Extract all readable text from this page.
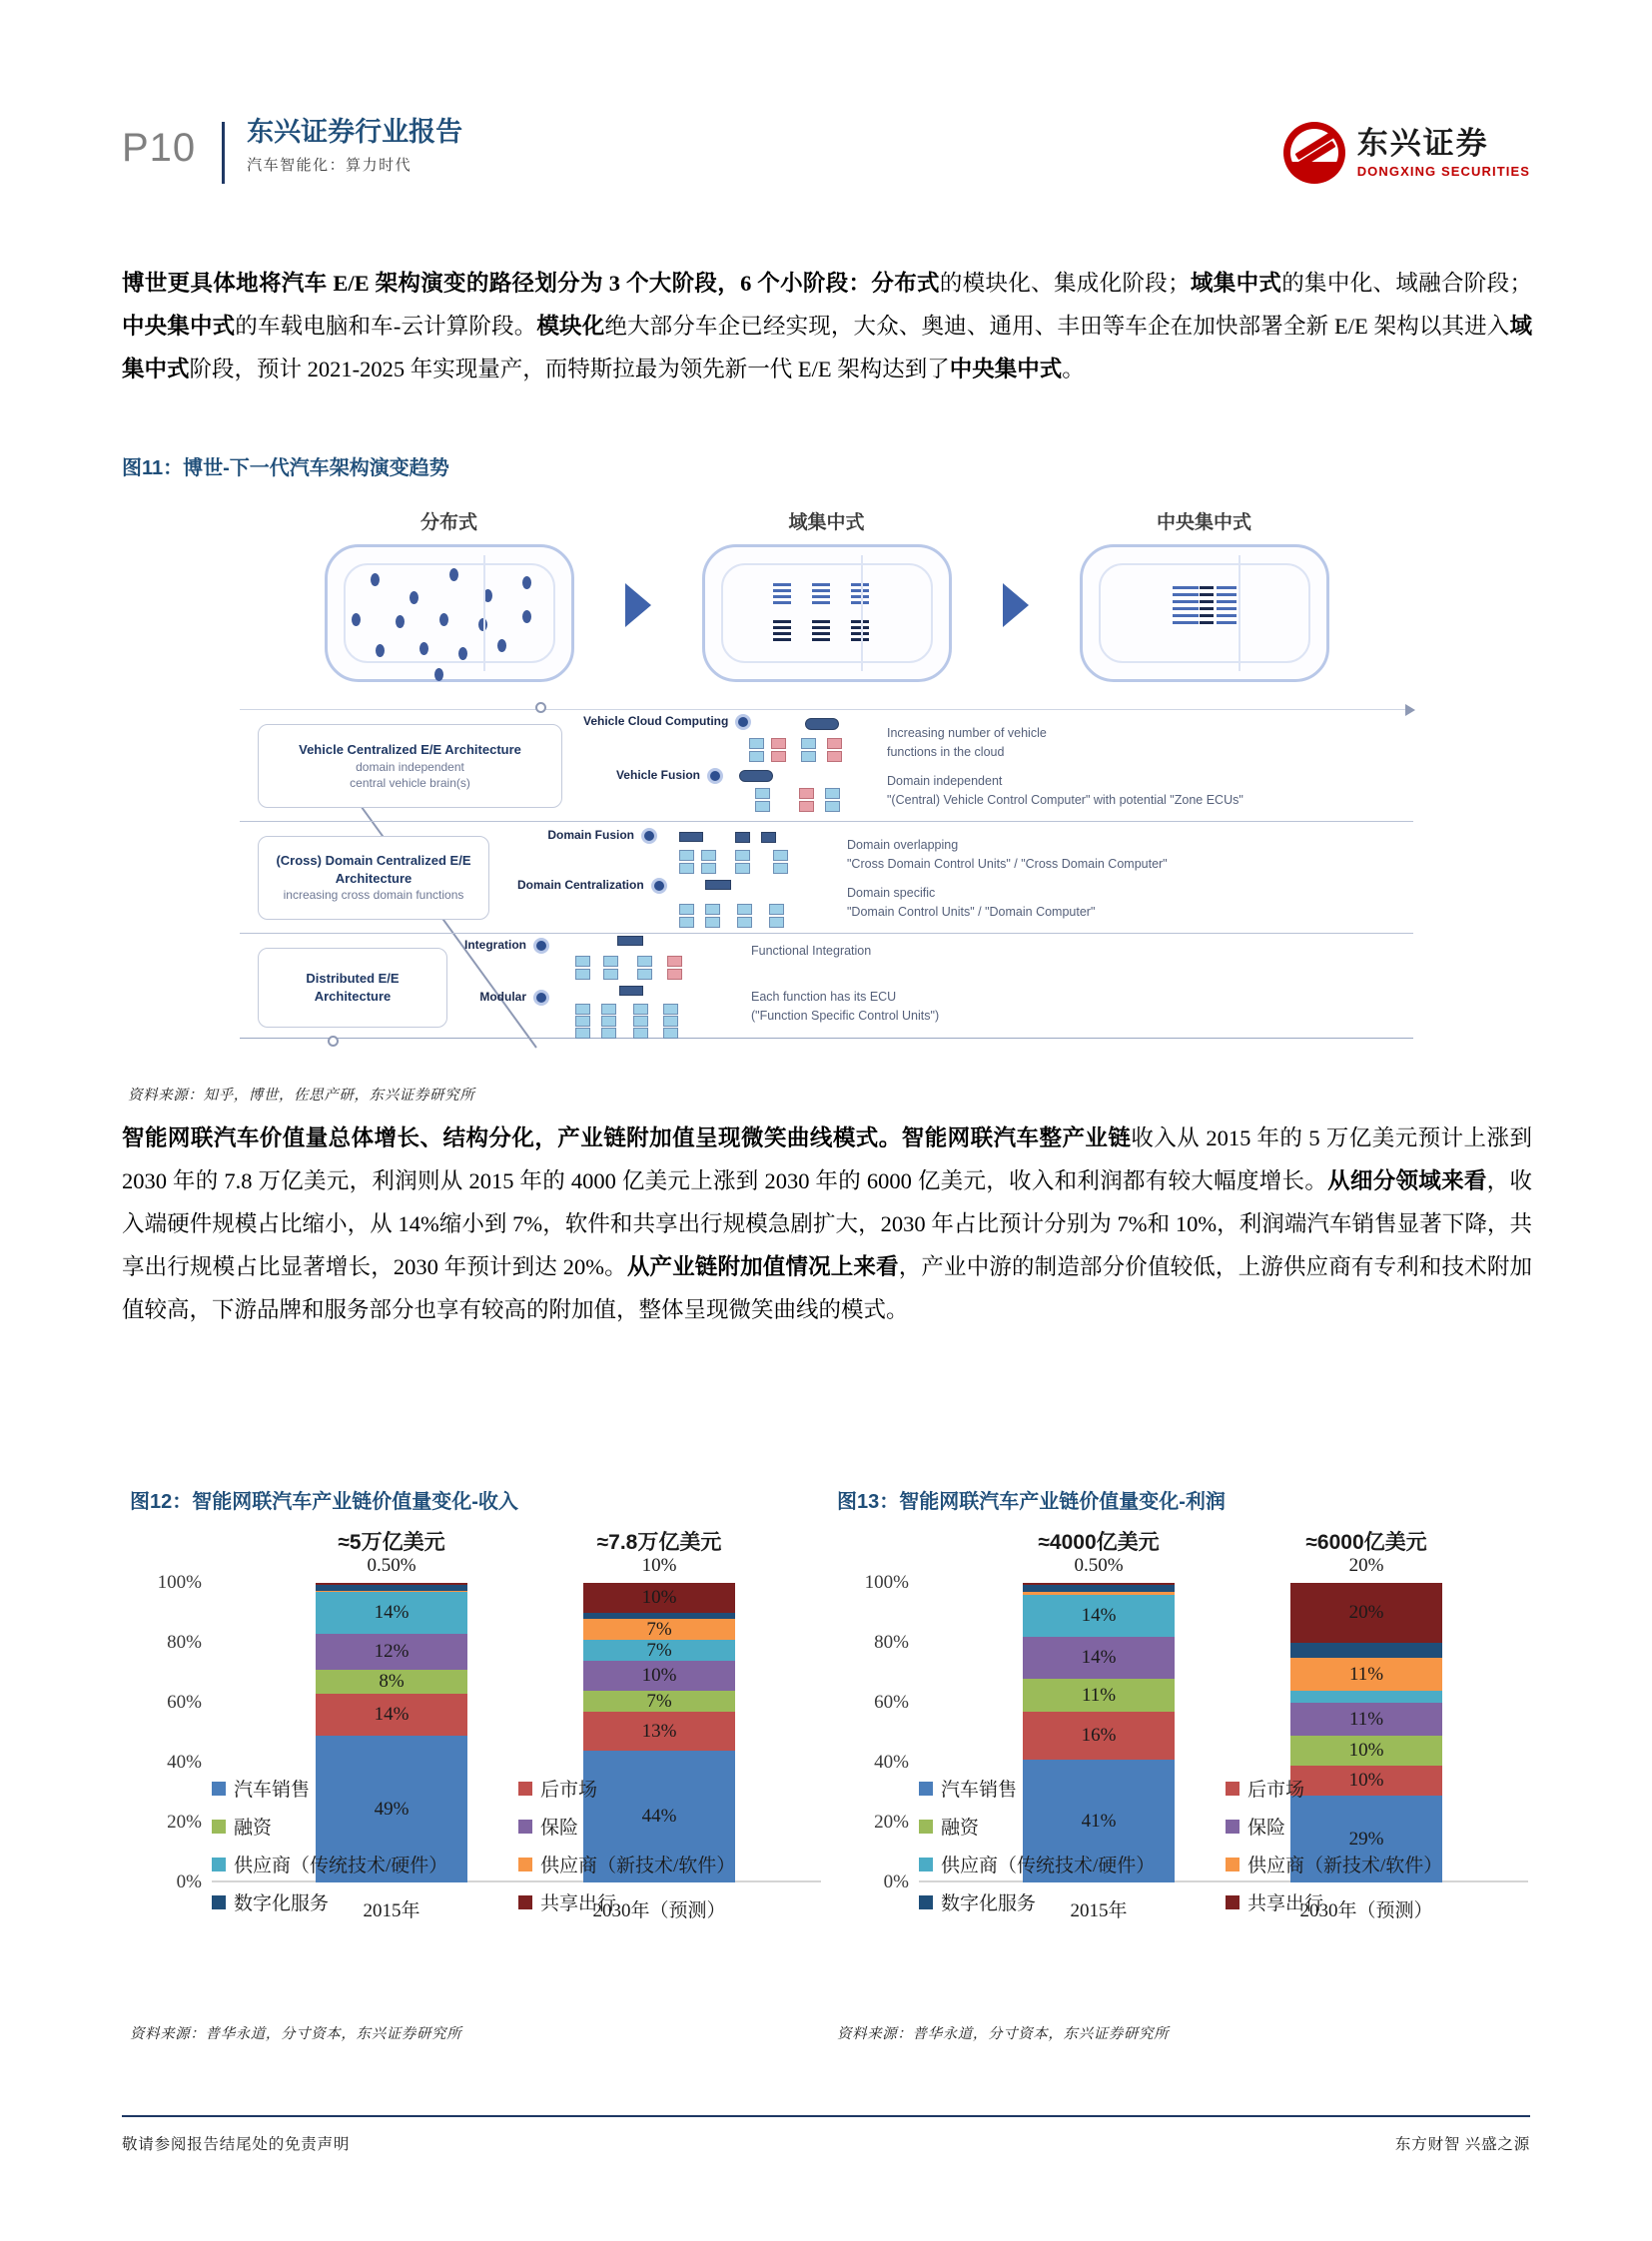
P10 东兴证券行业报告
汽车智能化：算力时代
东兴证券
DONGXING SECURITIES
博世更具体地将汽车 E/E 架构演变的路径划分为 3 个大阶段，6 个小阶段：分布式的模块化、集成化阶段；域集中式的集中化、域融合阶段；中央集中式的车载电脑和车-云计算阶段。模块化绝大部分车企已经实现，大众、奥迪、通用、丰田等车企在加快部署全新 E/E 架构以其进入域集中式阶段，预计 2021-2025 年实现量产，而特斯拉最为领先新一代 E/E 架构达到了中央集中式。
图11：博世-下一代汽车架构演变趋势
分布式	域集中式	中央集中式
Vehicle Centralized E/E Architecture
domain independent
central vehicle brain(s)
Vehicle Cloud Computing
Vehicle Fusion
Increasing number of vehicle
functions in the cloud
Domain independent
"(Central) Vehicle Control Computer" with potential "Zone ECUs"
(Cross) Domain Centralized E/E Architecture
increasing cross domain functions
Domain Fusion
Domain Centralization
Domain overlapping
"Cross Domain Control Units" / "Cross Domain Computer"
Domain specific
"Domain Control Units" / "Domain Computer"
Distributed E/E Architecture
Integration
Modular
Functional Integration
Each function has its ECU
("Function Specific Control Units")
资料来源：知乎，博世，佐思产研，东兴证券研究所
智能网联汽车价值量总体增长、结构分化，产业链附加值呈现微笑曲线模式。智能网联汽车整产业链收入从 2015 年的 5 万亿美元预计上涨到 2030 年的 7.8 万亿美元，利润则从 2015 年的 4000 亿美元上涨到 2030 年的 6000 亿美元，收入和利润都有较大幅度增长。从细分领域来看，收入端硬件规模占比缩小，从 14%缩小到 7%，软件和共享出行规模急剧扩大，2030 年占比预计分别为 7%和 10%，利润端汽车销售显著下降，共享出行规模占比显著增长，2030 年预计到达 20%。从产业链附加值情况上来看，产业中游的制造部分价值较低，上游供应商有专利和技术附加值较高，下游品牌和服务部分也享有较高的附加值，整体呈现微笑曲线的模式。
图12：智能网联汽车产业链价值量变化-收入
0%
20%
40%
60%
80%
100%
49%
14%
8%
12%
14%
≈5万亿美元
0.50%
2015年
44%
13%
7%
10%
7%
7%
10%
≈7.8万亿美元
10%
2030年（预测）
汽车销售	后市场
融资	保险
供应商（传统技术/硬件）	供应商（新技术/软件）
数字化服务	共享出行
资料来源：普华永道，分寸资本，东兴证券研究所
图13：智能网联汽车产业链价值量变化-利润
0%
20%
40%
60%
80%
100%
41%
16%
11%
14%
14%
≈4000亿美元
0.50%
2015年
29%
10%
10%
11%
11%
20%
≈6000亿美元
20%
2030年（预测）
汽车销售	后市场
融资	保险
供应商（传统技术/硬件）	供应商（新技术/软件）
数字化服务	共享出行
资料来源：普华永道，分寸资本，东兴证券研究所
敬请参阅报告结尾处的免责声明	东方财智 兴盛之源
